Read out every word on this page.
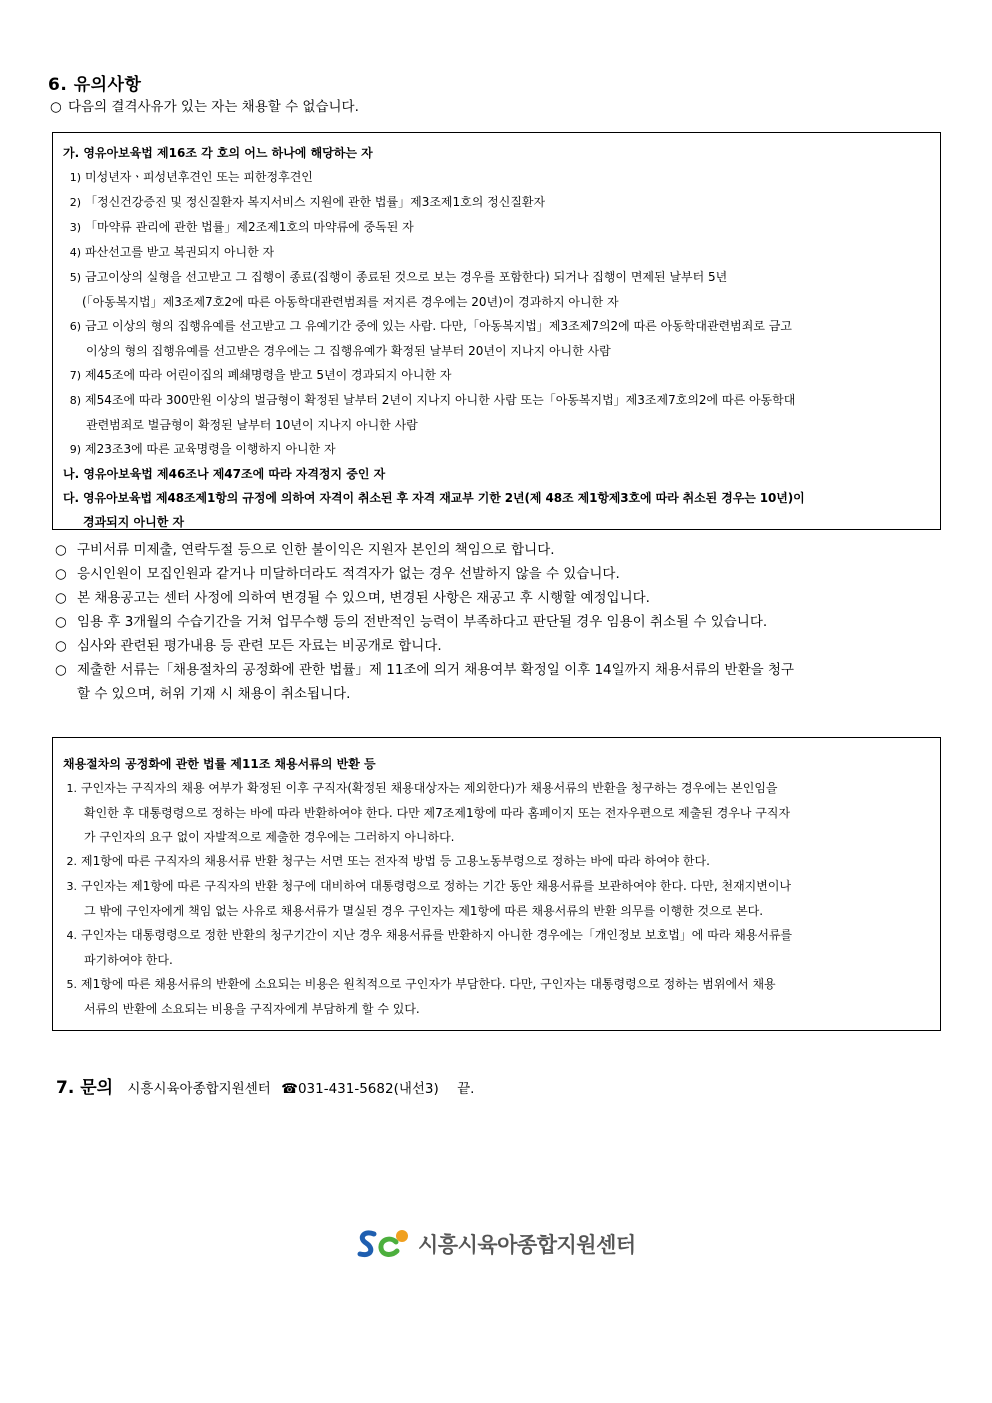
6. 유의사항
○ 다음의 결격사유가 있는 자는 채용할 수 없습니다.
가. 영유아보육법 제16조 각 호의 어느 하나에 해당하는 자
1) 미성년자ㆍ피성년후견인 또는 피한정후견인
2) 「정신건강증진 및 정신질환자 복지서비스 지원에 관한 법률」제3조제1호의 정신질환자
3) 「마약류 관리에 관한 법률」제2조제1호의 마약류에 중독된 자
4) 파산선고를 받고 복권되지 아니한 자
5) 금고이상의 실형을 선고받고 그 집행이 종료(집행이 종료된 것으로 보는 경우를 포함한다) 되거나 집행이 면제된 날부터 5년
(「아동복지법」제3조제7호2에 따른 아동학대관련범죄를 저지른 경우에는 20년)이 경과하지 아니한 자
6) 금고 이상의 형의 집행유예를 선고받고 그 유예기간 중에 있는 사람. 다만,「아동복지법」제3조제7의2에 따른 아동학대관련범죄로 금고
이상의 형의 집행유예를 선고받은 경우에는 그 집행유예가 확정된 날부터 20년이 지나지 아니한 사람
7) 제45조에 따라 어린이집의 폐쇄명령을 받고 5년이 경과되지 아니한 자
8) 제54조에 따라 300만원 이상의 벌금형이 확정된 날부터 2년이 지나지 아니한 사람 또는「아동복지법」제3조제7호의2에 따른 아동학대
관련범죄로 벌금형이 확정된 날부터 10년이 지나지 아니한 사람
9) 제23조3에 따른 교육명령을 이행하지 아니한 자
나. 영유아보육법 제46조나 제47조에 따라 자격정지 중인 자
다. 영유아보육법 제48조제1항의 규정에 의하여 자격이 취소된 후 자격 재교부 기한 2년(제 48조 제1항제3호에 따라 취소된 경우는 10년)이
경과되지 아니한 자
○ 구비서류 미제출, 연락두절 등으로 인한 불이익은 지원자 본인의 책임으로 합니다.
○ 응시인원이 모집인원과 같거나 미달하더라도 적격자가 없는 경우 선발하지 않을 수 있습니다.
○ 본 채용공고는 센터 사정에 의하여 변경될 수 있으며, 변경된 사항은 재공고 후 시행할 예정입니다.
○ 임용 후 3개월의 수습기간을 거쳐 업무수행 등의 전반적인 능력이 부족하다고 판단될 경우 임용이 취소될 수 있습니다.
○ 심사와 관련된 평가내용 등 관련 모든 자료는 비공개로 합니다.
○ 제출한 서류는「채용절차의 공정화에 관한 법률」제 11조에 의거 채용여부 확정일 이후 14일까지 채용서류의 반환을 청구
할 수 있으며, 허위 기재 시 채용이 취소됩니다.
채용절차의 공정화에 관한 법률 제11조 채용서류의 반환 등
1. 구인자는 구직자의 채용 여부가 확정된 이후 구직자(확정된 채용대상자는 제외한다)가 채용서류의 반환을 청구하는 경우에는 본인임을
확인한 후 대통령령으로 정하는 바에 따라 반환하여야 한다. 다만 제7조제1항에 따라 홈페이지 또는 전자우편으로 제출된 경우나 구직자
가 구인자의 요구 없이 자발적으로 제출한 경우에는 그러하지 아니하다.
2. 제1항에 따른 구직자의 채용서류 반환 청구는 서면 또는 전자적 방법 등 고용노동부령으로 정하는 바에 따라 하여야 한다.
3. 구인자는 제1항에 따른 구직자의 반환 청구에 대비하여 대통령령으로 정하는 기간 동안 채용서류를 보관하여야 한다. 다만, 천재지변이나
그 밖에 구인자에게 책임 없는 사유로 채용서류가 멸실된 경우 구인자는 제1항에 따른 채용서류의 반환 의무를 이행한 것으로 본다.
4. 구인자는 대통령령으로 정한 반환의 청구기간이 지난 경우 채용서류를 반환하지 아니한 경우에는「개인정보 보호법」에 따라 채용서류를
파기하여야 한다.
5. 제1항에 따른 채용서류의 반환에 소요되는 비용은 원칙적으로 구인자가 부담한다. 다만, 구인자는 대통령령으로 정하는 범위에서 채용
서류의 반환에 소요되는 비용을 구직자에게 부담하게 할 수 있다.
7. 문의 시흥시육아종합지원센터 ☎031-431-5682(내선3) 끝.
시흥시육아종합지원센터
